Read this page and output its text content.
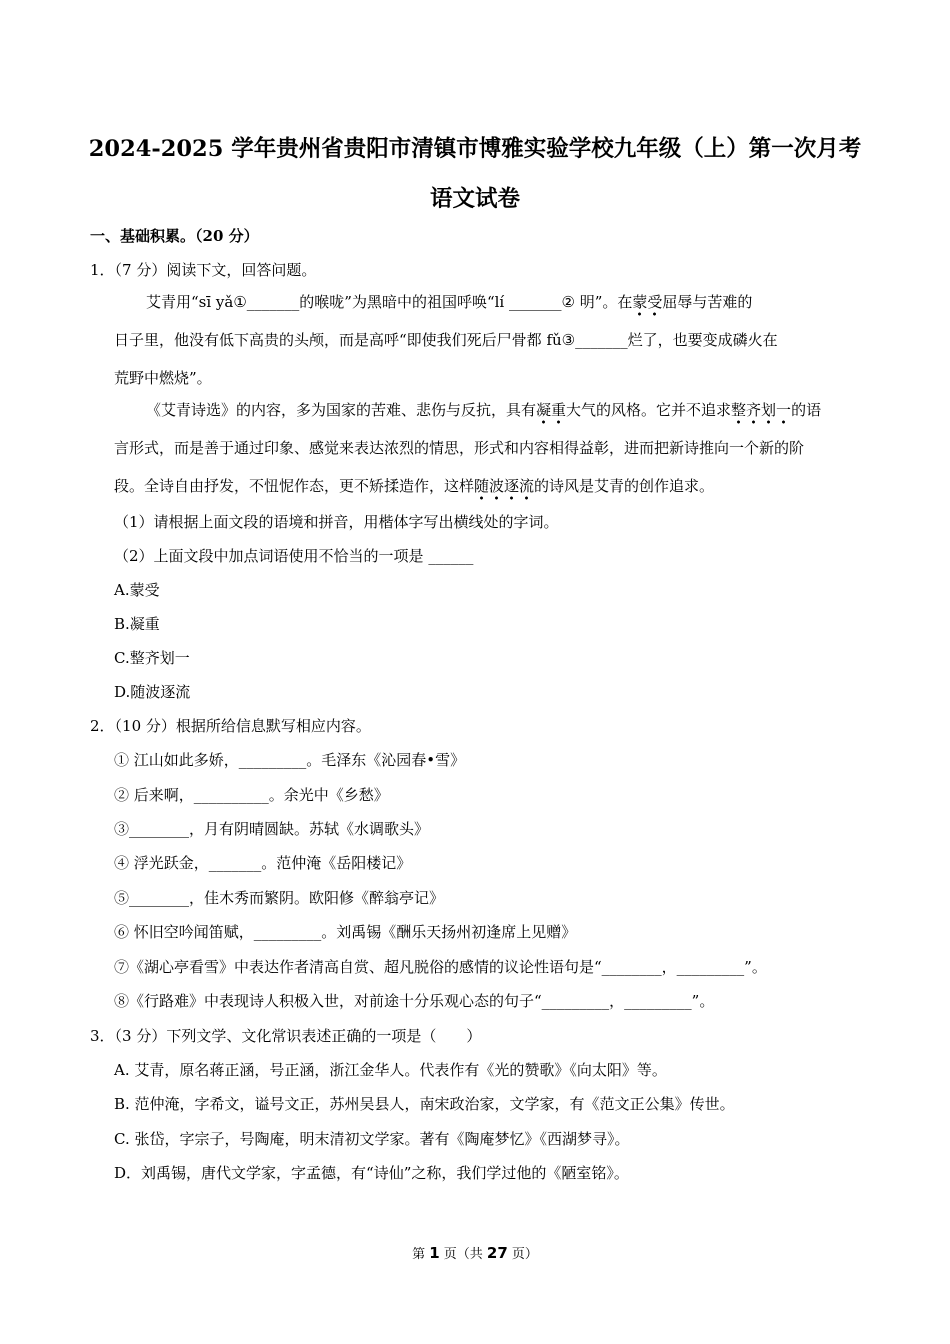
2024-2025 学年贵州省贵阳市清镇市博雅实验学校九年级（上）第一次月考
语文试卷
一、基础积累。（20 分）
1．（7 分）阅读下文，回答问题。
艾青用“sī yǎ①_______的喉咙”为黑暗中的祖国呼唤“lí _______② 明”。在蒙受屈辱与苦难的
日子里，他没有低下高贵的头颅，而是高呼“即使我们死后尸骨都 fǔ③_______烂了，也要变成磷火在
荒野中燃烧”。
《艾青诗选》的内容，多为国家的苦难、悲伤与反抗，具有凝重大气的风格。它并不追求整齐划一的语
言形式，而是善于通过印象、感觉来表达浓烈的情思，形式和内容相得益彰，进而把新诗推向一个新的阶
段。全诗自由抒发，不忸怩作态，更不矫揉造作，这样随波逐流的诗风是艾青的创作追求。
（1）请根据上面文段的语境和拼音，用楷体字写出横线处的字词。
（2）上面文段中加点词语使用不恰当的一项是 ______
A.蒙受
B.凝重
C.整齐划一
D.随波逐流
2．（10 分）根据所给信息默写相应内容。
① 江山如此多娇，_________。毛泽东《沁园春•雪》
② 后来啊，__________。余光中《乡愁》
③________，月有阴晴圆缺。苏轼《水调歌头》
④ 浮光跃金，_______。范仲淹《岳阳楼记》
⑤________，佳木秀而繁阴。欧阳修《醉翁亭记》
⑥ 怀旧空吟闻笛赋，_________。刘禹锡《酬乐天扬州初逢席上见赠》
⑦《湖心亭看雪》中表达作者清高自赏、超凡脱俗的感情的议论性语句是“________，_________”。
⑧《行路难》中表现诗人积极入世，对前途十分乐观心态的句子“_________，_________”。
3．（3 分）下列文学、文化常识表述正确的一项是（　　）
A. 艾青，原名蒋正涵，号正涵，浙江金华人。代表作有《光的赞歌》《向太阳》等。
B. 范仲淹，字希文，谥号文正，苏州吴县人，南宋政治家，文学家，有《范文正公集》传世。
C. 张岱，字宗子，号陶庵，明末清初文学家。著有《陶庵梦忆》《西湖梦寻》。
D．刘禹锡，唐代文学家，字孟德，有“诗仙”之称，我们学过他的《陋室铭》。
第 1 页（共 27 页）
